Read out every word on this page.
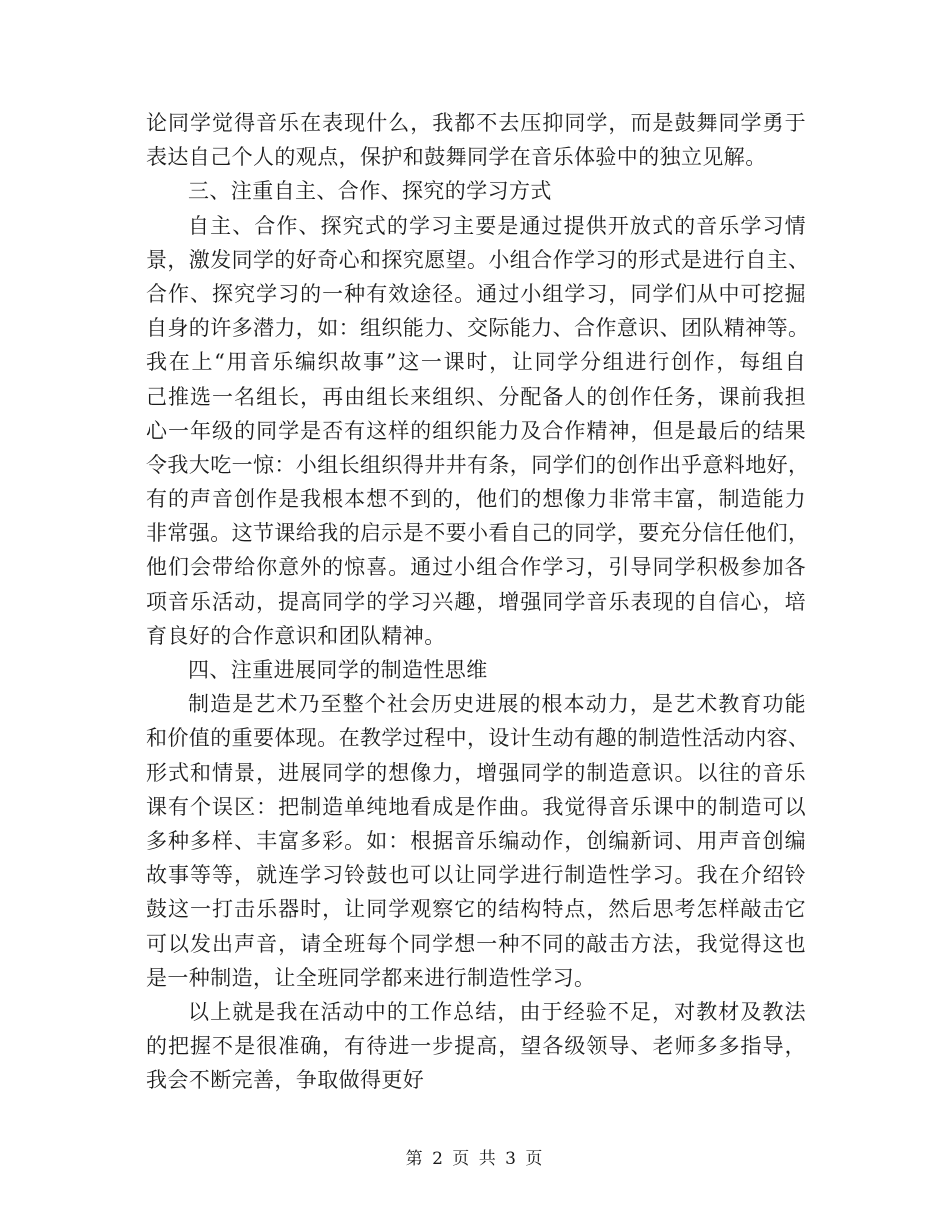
论同学觉得音乐在表现什么，我都不去压抑同学，而是鼓舞同学勇于
表达自己个人的观点，保护和鼓舞同学在音乐体验中的独立见解。
三、注重自主、合作、探究的学习方式
自主、合作、探究式的学习主要是通过提供开放式的音乐学习情
景，激发同学的好奇心和探究愿望。小组合作学习的形式是进行自主、
合作、探究学习的一种有效途径。通过小组学习，同学们从中可挖掘
自身的许多潜力，如：组织能力、交际能力、合作意识、团队精神等。
我在上“用音乐编织故事”这一课时，让同学分组进行创作，每组自
己推选一名组长，再由组长来组织、分配备人的创作任务，课前我担
心一年级的同学是否有这样的组织能力及合作精神，但是最后的结果
令我大吃一惊：小组长组织得井井有条，同学们的创作出乎意料地好，
有的声音创作是我根本想不到的，他们的想像力非常丰富，制造能力
非常强。这节课给我的启示是不要小看自己的同学，要充分信任他们，
他们会带给你意外的惊喜。通过小组合作学习，引导同学积极参加各
项音乐活动，提高同学的学习兴趣，增强同学音乐表现的自信心，培
育良好的合作意识和团队精神。
四、注重进展同学的制造性思维
制造是艺术乃至整个社会历史进展的根本动力，是艺术教育功能
和价值的重要体现。在教学过程中，设计生动有趣的制造性活动内容、
形式和情景，进展同学的想像力，增强同学的制造意识。以往的音乐
课有个误区：把制造单纯地看成是作曲。我觉得音乐课中的制造可以
多种多样、丰富多彩。如：根据音乐编动作，创编新词、用声音创编
故事等等，就连学习铃鼓也可以让同学进行制造性学习。我在介绍铃
鼓这一打击乐器时，让同学观察它的结构特点，然后思考怎样敲击它
可以发出声音，请全班每个同学想一种不同的敲击方法，我觉得这也
是一种制造，让全班同学都来进行制造性学习。
以上就是我在活动中的工作总结，由于经验不足，对教材及教法
的把握不是很准确，有待进一步提高，望各级领导、老师多多指导，
我会不断完善，争取做得更好
第 2 页 共 3 页
